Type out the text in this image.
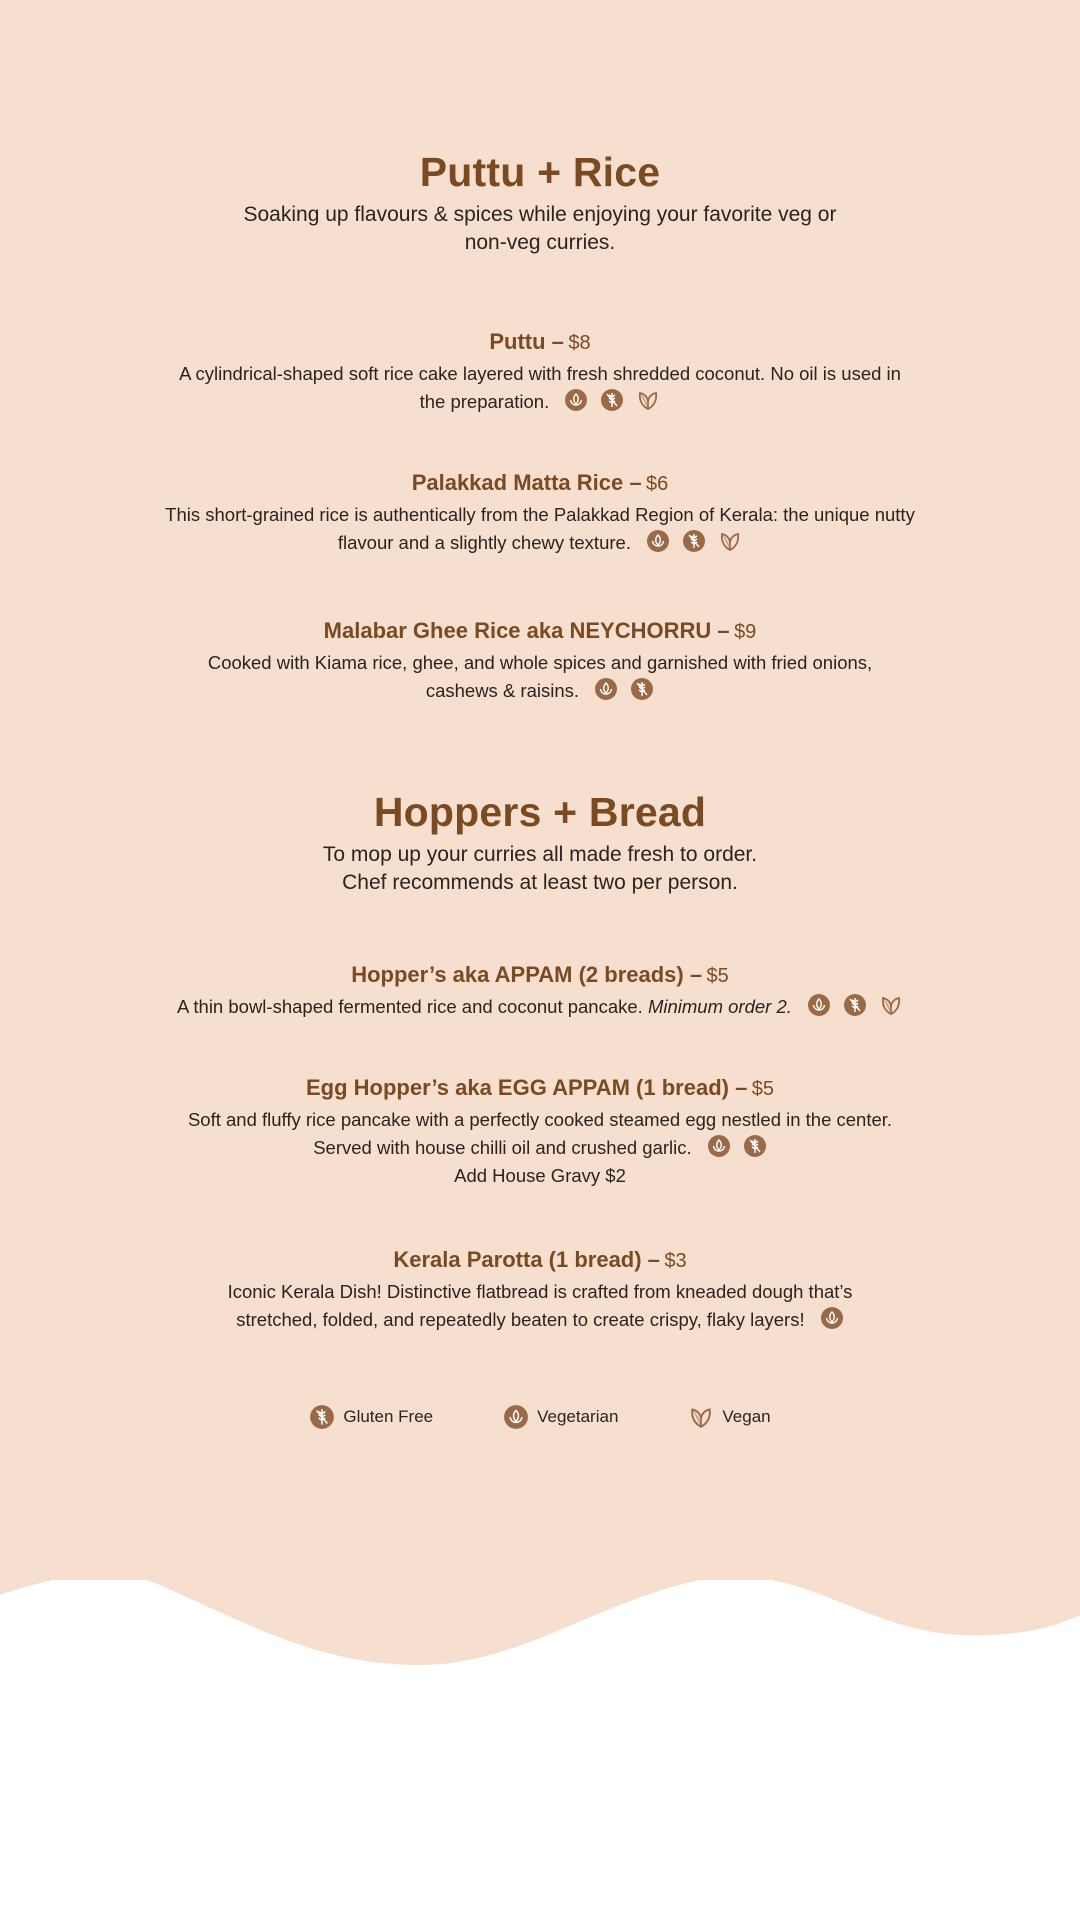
Puttu + Rice
Soaking up flavours & spices while enjoying your favorite veg or
non-veg curries.
Puttu – $8
A cylindrical-shaped soft rice cake layered with fresh shredded coconut. No oil is used in
the preparation.
Palakkad Matta Rice – $6
This short-grained rice is authentically from the Palakkad Region of Kerala: the unique nutty
flavour and a slightly chewy texture.
Malabar Ghee Rice aka NEYCHORRU – $9
Cooked with Kiama rice, ghee, and whole spices and garnished with fried onions,
cashews & raisins.
Hoppers + Bread
To mop up your curries all made fresh to order.
Chef recommends at least two per person.
Hopper’s aka APPAM (2 breads) – $5
A thin bowl-shaped fermented rice and coconut pancake. Minimum order 2.
Egg Hopper’s aka EGG APPAM (1 bread) – $5
Soft and fluffy rice pancake with a perfectly cooked steamed egg nestled in the center.
Served with house chilli oil and crushed garlic.
Add House Gravy $2
Kerala Parotta (1 bread) – $3
Iconic Kerala Dish! Distinctive flatbread is crafted from kneaded dough that’s
stretched, folded, and repeatedly beaten to create crispy, flaky layers!
Gluten Free	Vegetarian	Vegan
